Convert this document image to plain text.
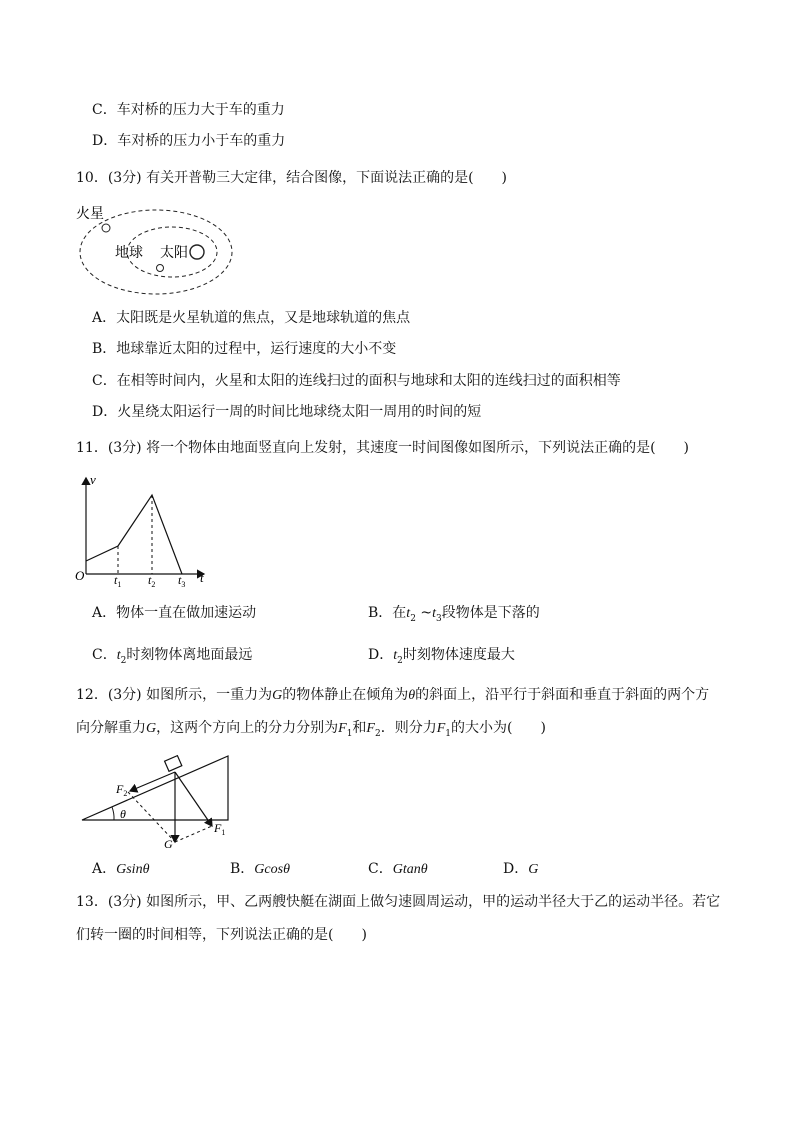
C．车对桥的压力大于车的重力
D．车对桥的压力小于车的重力
10．(3分) 有关开普勒三大定律，结合图像，下面说法正确的是(　　)
火星
地球 太阳
A．太阳既是火星轨道的焦点，又是地球轨道的焦点
B．地球靠近太阳的过程中，运行速度的大小不变
C．在相等时间内，火星和太阳的连线扫过的面积与地球和太阳的连线扫过的面积相等
D．火星绕太阳运行一周的时间比地球绕太阳一周用的时间的短
11．(3分) 将一个物体由地面竖直向上发射，其速度一时间图像如图所示，下列说法正确的是(　　)
v
t
O $t_1$ $t_2$ $t_3$
A．物体一直在做加速运动	B．在$t_2$ $\sim t_3$段物体是下落的
C．$t_2$时刻物体离地面最远	D．$t_2$时刻物体速度最大
12．(3分) 如图所示，一重力为G的物体静止在倾角为θ的斜面上，沿平行于斜面和垂直于斜面的两个方
向分解重力G，这两个方向上的分力分别为$F_1$和$F_2$．则分力$F_1$的大小为(　　)
θ
$F_2$
$F_1$
G
A．Gsinθ	B．Gcosθ	C．Gtanθ	D．G
13．(3分) 如图所示，甲、乙两艘快艇在湖面上做匀速圆周运动，甲的运动半径大于乙的运动半径。若它
们转一圈的时间相等，下列说法正确的是(　　)
